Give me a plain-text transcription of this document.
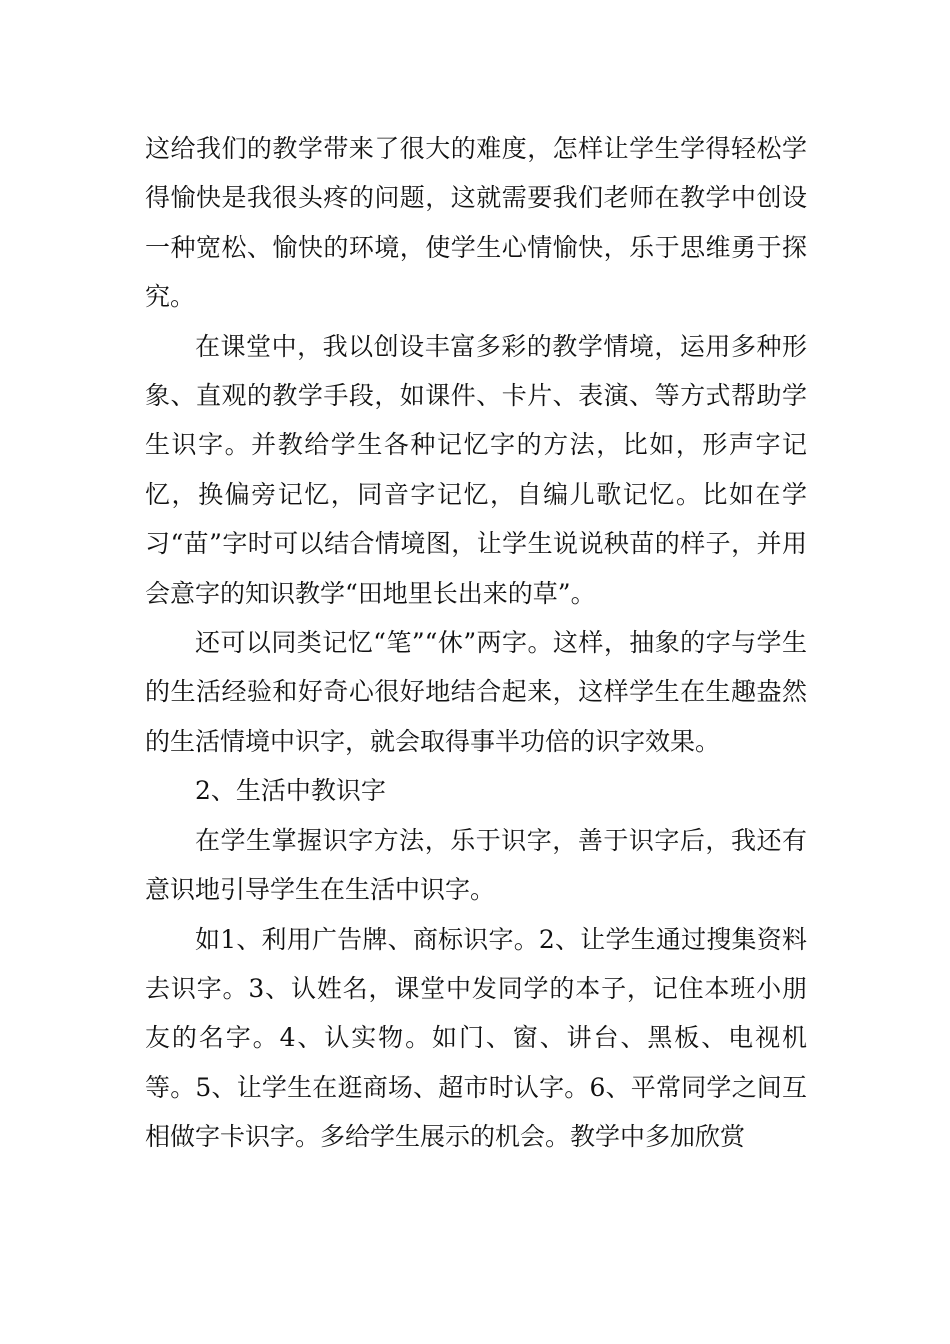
这给我们的教学带来了很大的难度，怎样让学生学得轻松学得愉快是我很头疼的问题，这就需要我们老师在教学中创设一种宽松、愉快的环境，使学生心情愉快，乐于思维勇于探究。

在课堂中，我以创设丰富多彩的教学情境，运用多种形象、直观的教学手段，如课件、卡片、表演、等方式帮助学生识字。并教给学生各种记忆字的方法，比如，形声字记忆，换偏旁记忆，同音字记忆，自编儿歌记忆。比如在学习“苗”字时可以结合情境图，让学生说说秧苗的样子，并用会意字的知识教学“田地里长出来的草”。

还可以同类记忆“笔”“休”两字。这样，抽象的字与学生的生活经验和好奇心很好地结合起来，这样学生在生趣盎然的生活情境中识字，就会取得事半功倍的识字效果。

2、生活中教识字

在学生掌握识字方法，乐于识字，善于识字后，我还有意识地引导学生在生活中识字。

如1、利用广告牌、商标识字。2、让学生通过搜集资料去识字。3、认姓名，课堂中发同学的本子，记住本班小朋友的名字。4、认实物。如门、窗、讲台、黑板、电视机等。5、让学生在逛商场、超市时认字。6、平常同学之间互相做字卡识字。多给学生展示的机会。教学中多加欣赏
